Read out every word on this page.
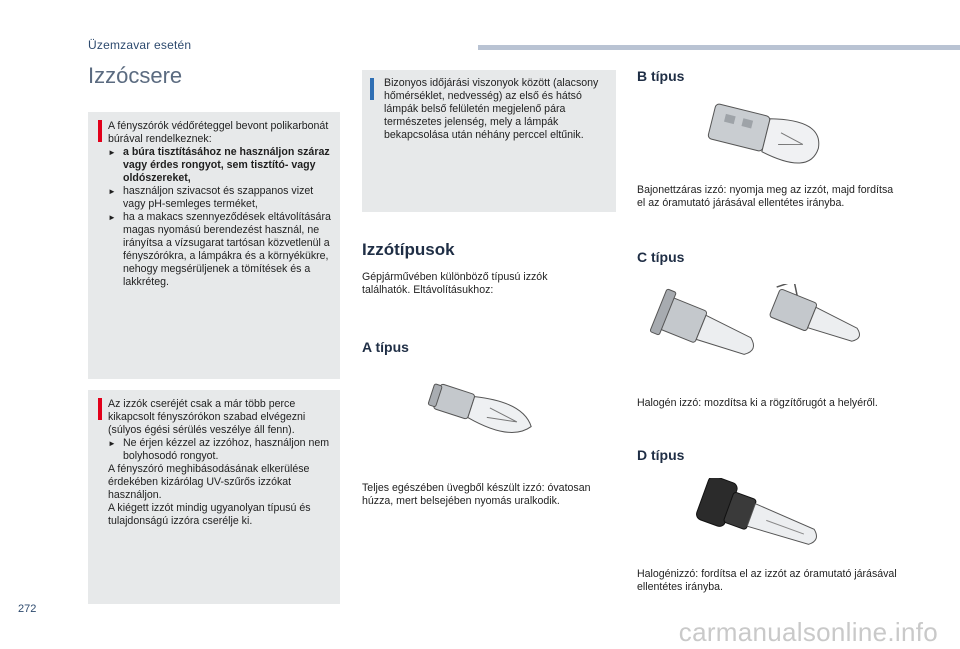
Üzemzavar esetén
Izzócsere

A fényszórók védőréteggel bevont polikarbonát búrával rendelkeznek:

► a búra tisztításához ne használjon száraz vagy érdes rongyot, sem tisztító- vagy oldószereket,

► használjon szivacsot és szappanos vizet vagy pH-semleges terméket,

► ha a makacs szennyeződések eltávolítására magas nyomású berendezést használ, ne irányítsa a vízsugarat tartósan közvetlenül a fényszórókra, a lámpákra és a környékükre, nehogy megsérüljenek a tömítések és a lakkréteg.

Az izzók cseréjét csak a már több perce kikapcsolt fényszórókon szabad elvégezni (súlyos égési sérülés veszélye áll fenn).

► Ne érjen kézzel az izzóhoz, használjon nem bolyhosodó rongyot.

A fényszóró meghibásodásának elkerülése érdekében kizárólag UV-szűrős izzókat használjon.

A kiégett izzót mindig ugyanolyan típusú és tulajdonságú izzóra cserélje ki.

Bizonyos időjárási viszonyok között (alacsony hőmérséklet, nedvesség) az első és hátsó lámpák belső felületén megjelenő pára természetes jelenség, mely a lámpák bekapcsolása után néhány perccel eltűnik.

Izzótípusok
Gépjárművében különböző típusú izzók találhatók. Eltávolításukhoz:
A típus
Teljes egészében üvegből készült izzó: óvatosan húzza, mert belsejében nyomás uralkodik.
B típus
Bajonettzáras izzó: nyomja meg az izzót, majd fordítsa el az óramutató járásával ellentétes irányba.
C típus
Halogén izzó: mozdítsa ki a rögzítőrugót a helyéről.
D típus
Halogénizzó: fordítsa el az izzót az óramutató járásával ellentétes irányba.
272
carmanualsonline.info
